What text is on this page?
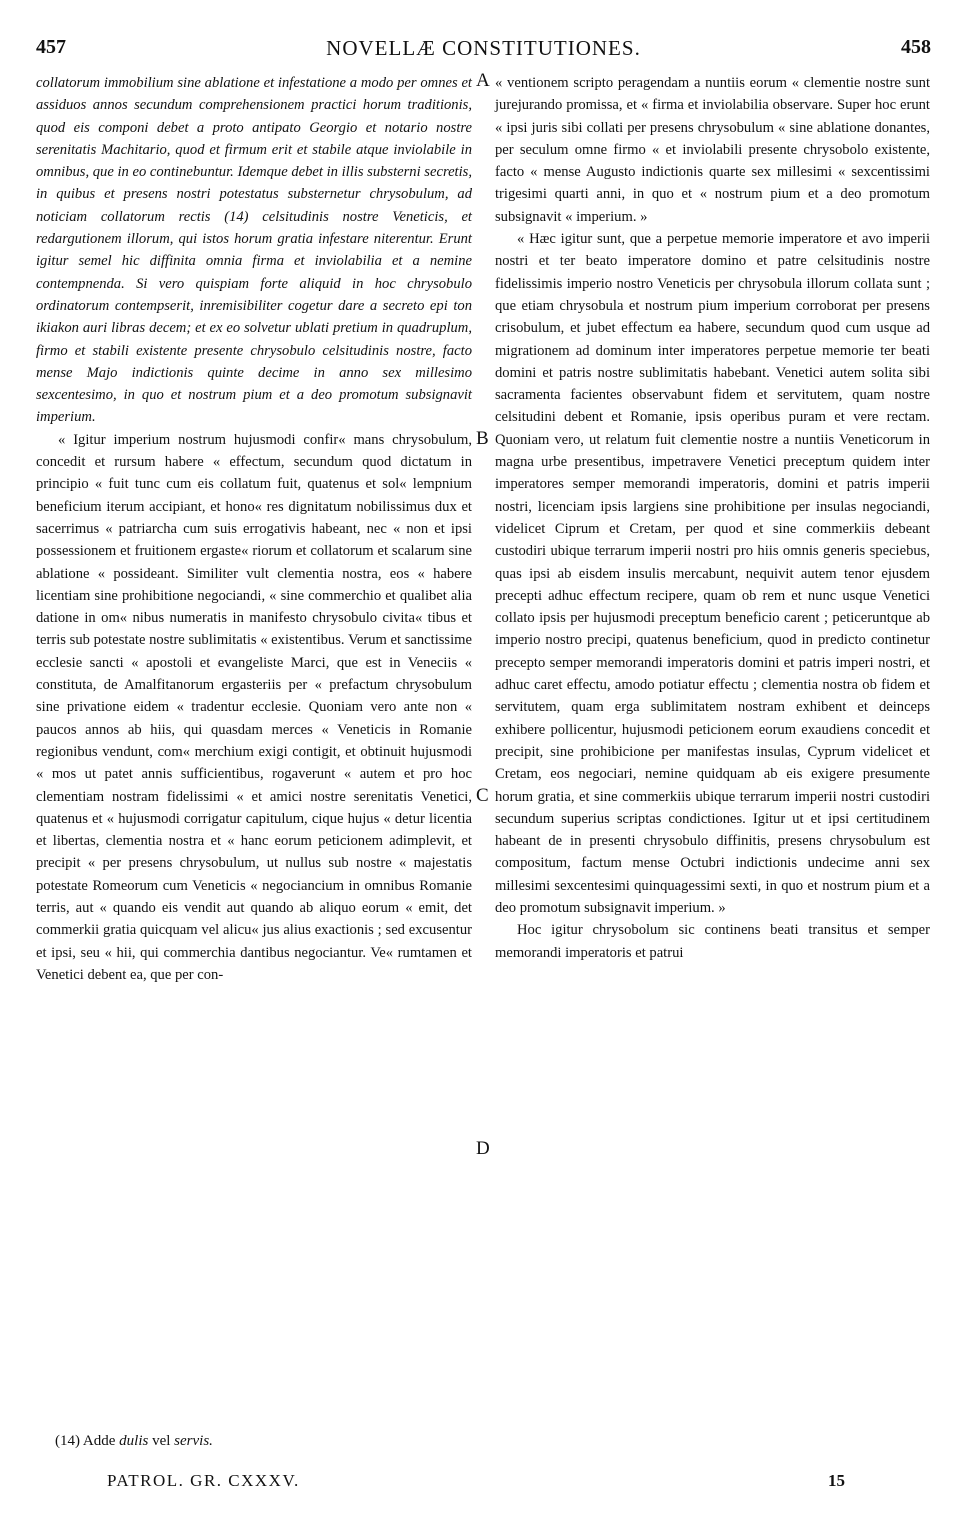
NOVELLÆ CONSTITUTIONES.
457	458

collatorum immobilium sine ablatione et infestatione a modo per omnes et assiduos annos secundum comprehensionem practici horum traditionis, quod eis componi debet a proto antipato Georgio et notario nostre serenitatis Machitario, quod et firmum erit et stabile atque inviolabile in omnibus, que in eo continebuntur. Idemque debet in illis substerni secretis, in quibus et presens nostri potestatus substernetur chrysobulum, ad noticiam collatorum rectis (14) celsitudinis nostre Veneticis, et redargutionem illorum, qui istos horum gratia infestare niterentur. Erunt igitur semel hic diffinita omnia firma et inviolabilia et a nemine contempnenda. Si vero quispiam forte aliquid in hoc chrysobulo ordinatorum contempserit, inremisibiliter cogetur dare a secreto epi ton ikiakon auri libras decem; et ex eo solvetur ublati pretium in quadruplum, firmo et stabili existente presente chrysobulo celsitudinis nostre, facto mense Majo indictionis quinte decime in anno sex millesimo sexcentesimo, in quo et nostrum pium et a deo promotum subsignavit imperium.

« Igitur imperium nostrum hujusmodi confir« mans chrysobulum, concedit et rursum habere « effectum, secundum quod dictatum in principio « fuit tunc cum eis collatum fuit, quatenus et sol« lempnium beneficium iterum accipiant, et hono« res dignitatum nobilissimus dux et sacerrimus « patriarcha cum suis errogativis habeant, nec « non et ipsi possessionem et fruitionem ergaste« riorum et collatorum et scalarum sine ablatione « possideant. Similiter vult clementia nostra, eos « habere licentiam sine prohibitione negociandi, « sine commerchio et qualibet alia datione in om« nibus numeratis in manifesto chrysobulo civita« tibus et terris sub potestate nostre sublimitatis « existentibus. Verum et sanctissime ecclesie sancti « apostoli et evangeliste Marci, que est in Veneciis « constituta, de Amalfitanorum ergasteriis per « prefactum chrysobulum sine privatione eidem « tradentur ecclesie. Quoniam vero ante non « paucos annos ab hiis, qui quasdam merces « Veneticis in Romanie regionibus vendunt, com« merchium exigi contigit, et obtinuit hujusmodi « mos ut patet annis sufficientibus, rogaverunt « autem et pro hoc clementiam nostram fidelissimi « et amici nostre serenitatis Venetici, quatenus et « hujusmodi corrigatur capitulum, cique hujus « detur licentia et libertas, clementia nostra et « hanc eorum peticionem adimplevit, et precipit « per presens chrysobulum, ut nullus sub nostre « majestatis potestate Romeorum cum Veneticis « negociancium in omnibus Romanie terris, aut « quando eis vendit aut quando ab aliquo eorum « emit, det commerkii gratia quicquam vel alicu« jus alius exactionis ; sed excusentur et ipsi, seu « hii, qui commerchia dantibus negociantur. Ve« rumtamen et Venetici debent ea, que per con-

« ventionem scripto peragendam a nuntiis eorum « clementie nostre sunt jurejurando promissa, et « firma et inviolabilia observare. Super hoc erunt « ipsi juris sibi collati per presens chrysobulum « sine ablatione donantes, per seculum omne firmo « et inviolabili presente chrysobolo existente, facto « mense Augusto indictionis quarte sex millesimi « sexcentissimi trigesimi quarti anni, in quo et « nostrum pium et a deo promotum subsignavit « imperium. »

« Hæc igitur sunt, que a perpetue memorie imperatore et avo imperii nostri et ter beato imperatore domino et patre celsitudinis nostre fidelissimis imperio nostro Veneticis per chrysobula illorum collata sunt ; que etiam chrysobula et nostrum pium imperium corroborat per presens crisobulum, et jubet effectum ea habere, secundum quod cum usque ad migrationem ad dominum inter imperatores perpetue memorie ter beati domini et patris nostre sublimitatis habebant. Venetici autem solita sibi sacramenta facientes observabunt fidem et servitutem, quam nostre celsitudini debent et Romanie, ipsis operibus puram et vere rectam. Quoniam vero, ut relatum fuit clementie nostre a nuntiis Veneticorum in magna urbe presentibus, impetravere Venetici preceptum quidem inter imperatores semper memorandi imperatoris, domini et patris imperii nostri, licenciam ipsis largiens sine prohibitione per insulas negociandi, videlicet Ciprum et Cretam, per quod et sine commerkiis debeant custodiri ubique terrarum imperii nostri pro hiis omnis generis speciebus, quas ipsi ab eisdem insulis mercabunt, nequivit autem tenor ejusdem precepti adhuc effectum recipere, quam ob rem et nunc usque Venetici collato ipsis per hujusmodi preceptum beneficio carent ; peticeruntque ab imperio nostro precipi, quatenus beneficium, quod in predicto continetur precepto semper memorandi imperatoris domini et patris imperi nostri, et adhuc caret effectu, amodo potiatur effectu ; clementia nostra ob fidem et servitutem, quam erga sublimitatem nostram exhibent et deinceps exhibere pollicentur, hujusmodi peticionem eorum exaudiens concedit et precipit, sine prohibicione per manifestas insulas, Cyprum videlicet et Cretam, eos negociari, nemine quidquam ab eis exigere presumente horum gratia, et sine commerkiis ubique terrarum imperii nostri custodiri secundum superius scriptas condictiones. Igitur ut et ipsi certitudinem habeant de in presenti chrysobulo diffinitis, presens chrysobulum est compositum, factum mense Octubri indictionis undecime anni sex millesimi sexcentesimi quinquagessimi sexti, in quo et nostrum pium et a deo promotum subsignavit imperium. »

Hoc igitur chrysobolum sic continens beati transitus et semper memorandi imperatoris et patrui

A
B
C
D
(14) Adde dulis vel servis.
PATROL. GR. CXXXV.	15
